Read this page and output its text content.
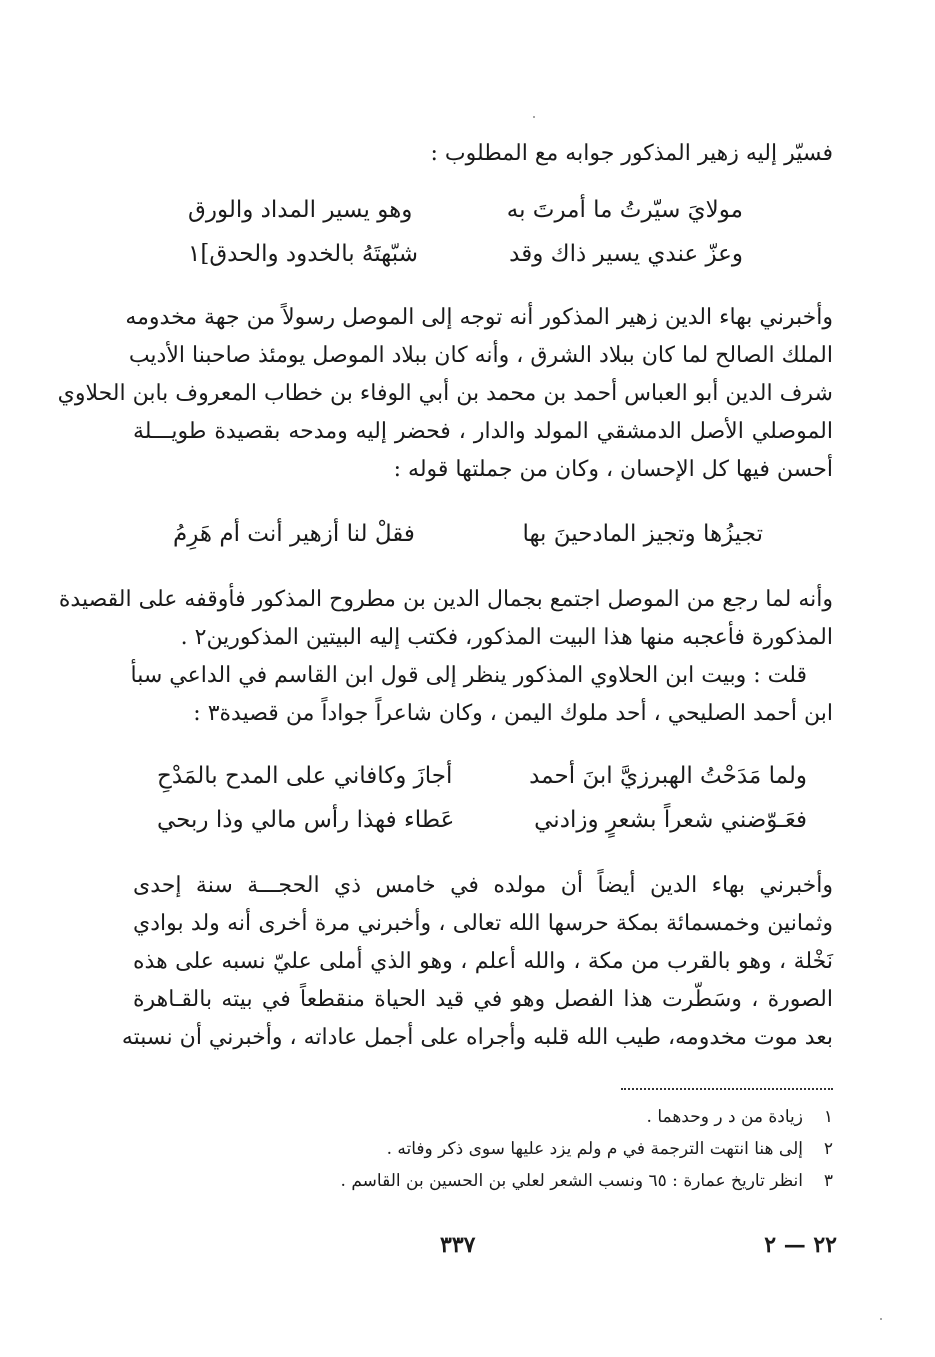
فسيّر إليه زهير المذكور جوابه مع المطلوب :
مولايَ سيّرتُ ما أمرتَ به
وهو يسير المداد والورق
وعزّ عندي يسير ذاك وقد
شبّهتَهُ بالخدود والحدق]١
وأخبرني بهاء الدين زهير المذكور أنه توجه إلى الموصل رسولاً من جهة مخدومه
الملك الصالح لما كان ببلاد الشرق ، وأنه كان ببلاد الموصل يومئذ صاحبنا الأديب
شرف الدين أبو العباس أحمد بن محمد بن أبي الوفاء بن خطاب المعروف بابن الحلاوي
الموصلي الأصل الدمشقي المولد والدار ، فحضر إليه ومدحه بقصيدة طويـــلة
أحسن فيها كل الإحسان ، وكان من جملتها قوله :
تجيزُها وتجيز المادحينَ بها
فقلْ لنا أزهير أنت أم هَرِمُ
وأنه لما رجع من الموصل اجتمع بجمال الدين بن مطروح المذكور فأوقفه على القصيدة
المذكورة فأعجبه منها هذا البيت المذكور، فكتب إليه البيتين المذكورين٢ .
قلت : وبيت ابن الحلاوي المذكور ينظر إلى قول ابن القاسم في الداعي سبأ
ابن أحمد الصليحي ، أحد ملوك اليمن ، وكان شاعراً جواداً من قصيدة٣ :
ولما مَدَحْتُ الهبرزيَّ ابنَ أحمد
أجازَ وكافاني على المدح بالمَدْحِ
فعَـوّضني شعراً بشعرٍ وزادني
عَطاء فهذا رأس مالي وذا ربحي
وأخبرني بهاء الدين أيضاً أن مولده في خامس ذي الحجـــة سنة إحدى
وثمانين وخمسمائة بمكة حرسها الله تعالى ، وأخبرني مرة أخرى أنه ولد بوادي
نَخْلة ، وهو بالقرب من مكة ، والله أعلم ، وهو الذي أملى عليّ نسبه على هذه
الصورة ، وسَطّرت هذا الفصل وهو في قيد الحياة منقطعاً في بيته بالقـاهرة
بعد موت مخدومه، طيب الله قلبه وأجراه على أجمل عاداته ، وأخبرني أن نسبته
١زيادة من د ر وحدهما .
٢إلى هنا انتهت الترجمة في م ولم يزد عليها سوى ذكر وفاته .
٣انظر تاريخ عمارة : ٦٥ ونسب الشعر لعلي بن الحسين بن القاسم .
٣٣٧	٢٢ — ٢
